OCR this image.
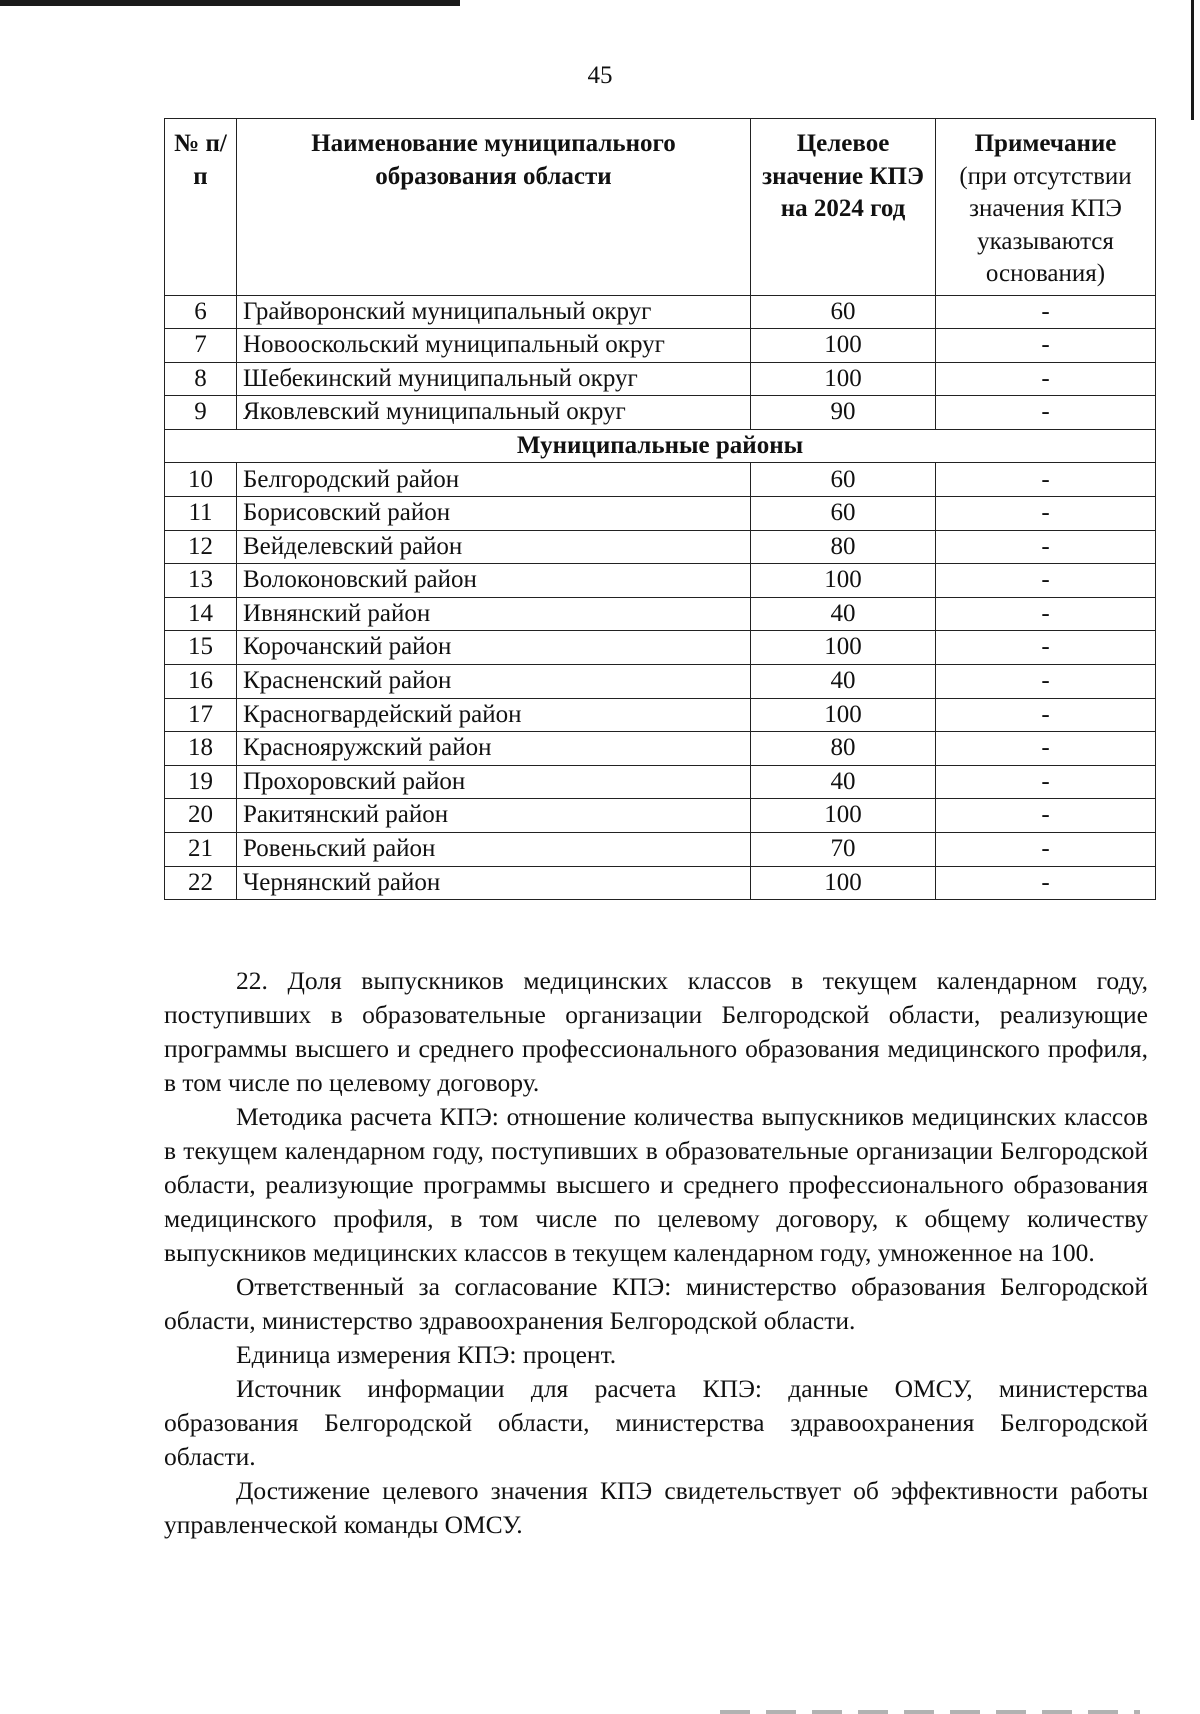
45
№ п/п	Наименование муниципального образования области	Целевое значение КПЭ на 2024 год	Примечание
(при отсутствии значения КПЭ указываются основания)
6	Грайворонский муниципальный округ	60	-
7	Новооскольский муниципальный округ	100	-
8	Шебекинский муниципальный округ	100	-
9	Яковлевский муниципальный округ	90	-
Муниципальные районы			
10	Белгородский район	60	-
11	Борисовский район	60	-
12	Вейделевский район	80	-
13	Волоконовский район	100	-
14	Ивнянский район	40	-
15	Корочанский район	100	-
16	Красненский район	40	-
17	Красногвардейский район	100	-
18	Краснояружский район	80	-
19	Прохоровский район	40	-
20	Ракитянский район	100	-
21	Ровеньский район	70	-
22	Чернянский район	100	-

22. Доля выпускников медицинских классов в текущем календарном году, поступивших в образовательные организации Белгородской области, реализующие программы высшего и среднего профессионального образования медицинского профиля, в том числе по целевому договору.

Методика расчета КПЭ: отношение количества выпускников медицинских классов в текущем календарном году, поступивших в образовательные организации Белгородской области, реализующие программы высшего и среднего профессионального образования медицинского профиля, в том числе по целевому договору, к общему количеству выпускников медицинских классов в текущем календарном году, умноженное на 100.

Ответственный за согласование КПЭ: министерство образования Белгородской области, министерство здравоохранения Белгородской области.

Единица измерения КПЭ: процент.

Источник информации для расчета КПЭ: данные ОМСУ, министерства образования Белгородской области, министерства здравоохранения Белгородской области.

Достижение целевого значения КПЭ свидетельствует об эффективности работы управленческой команды ОМСУ.
